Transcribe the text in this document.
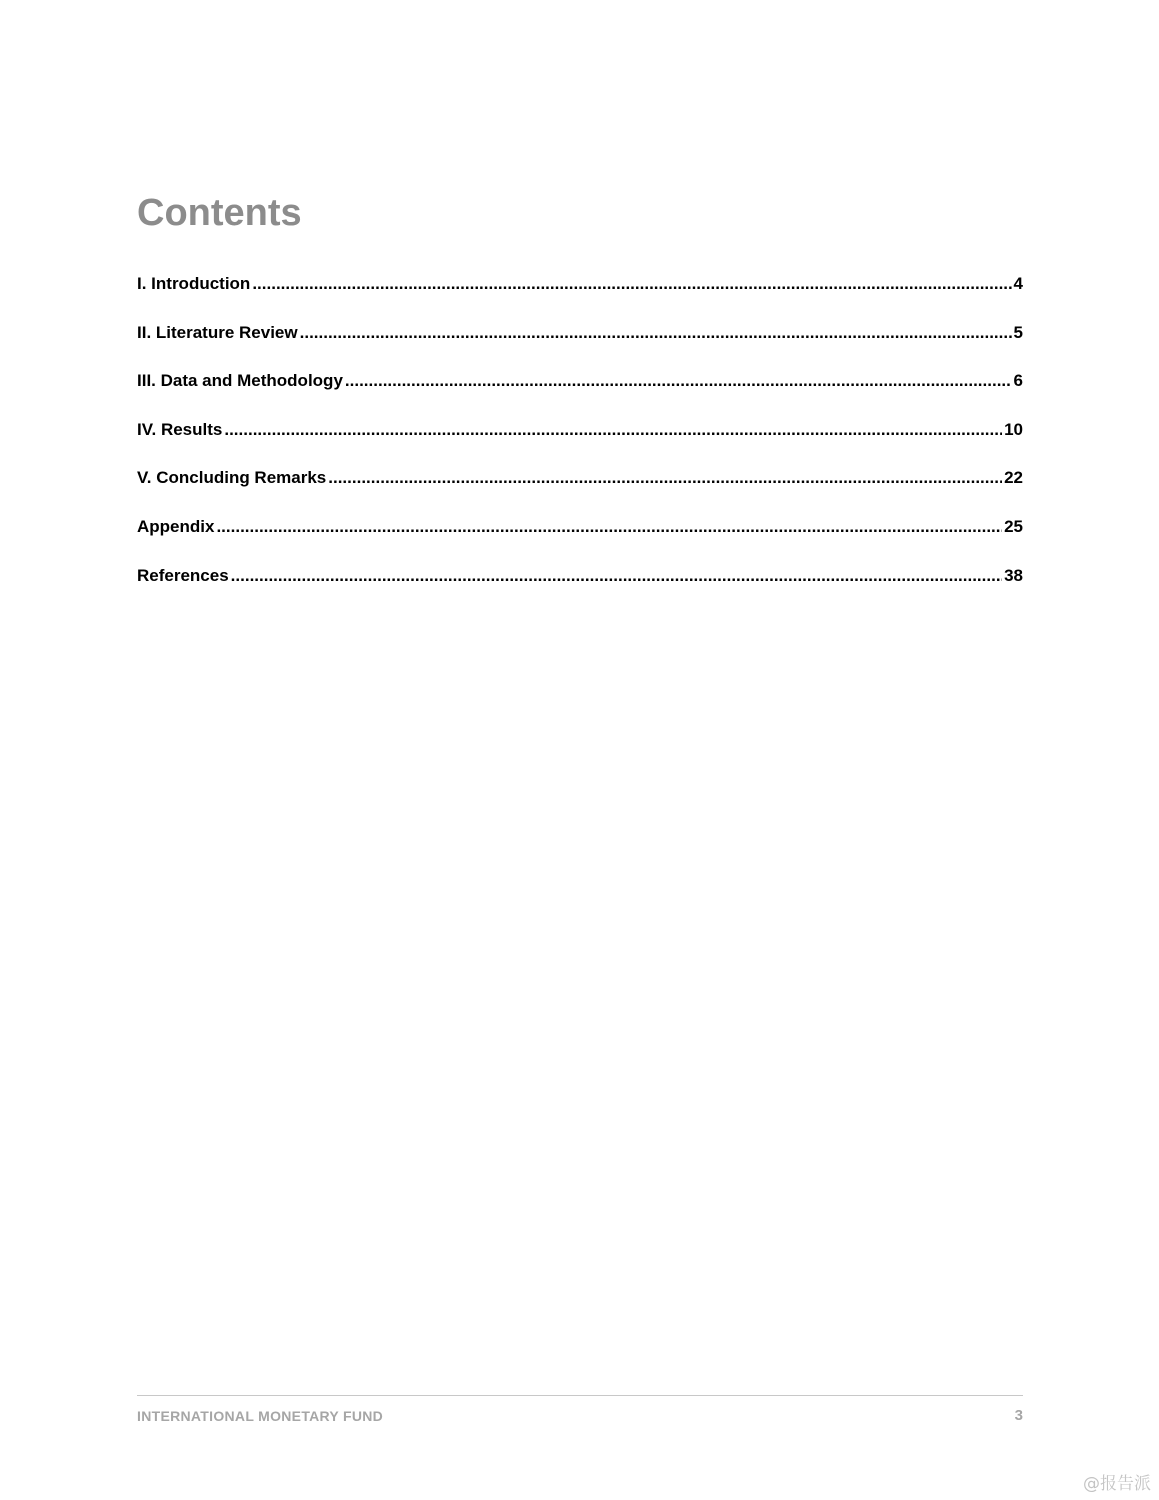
Contents
I. Introduction .....	4
II. Literature Review .....	5
III. Data and Methodology .....	6
IV. Results .....	10
V. Concluding Remarks .....	22
Appendix .....	25
References .....	38
INTERNATIONAL MONETARY FUND	3
@报告派
